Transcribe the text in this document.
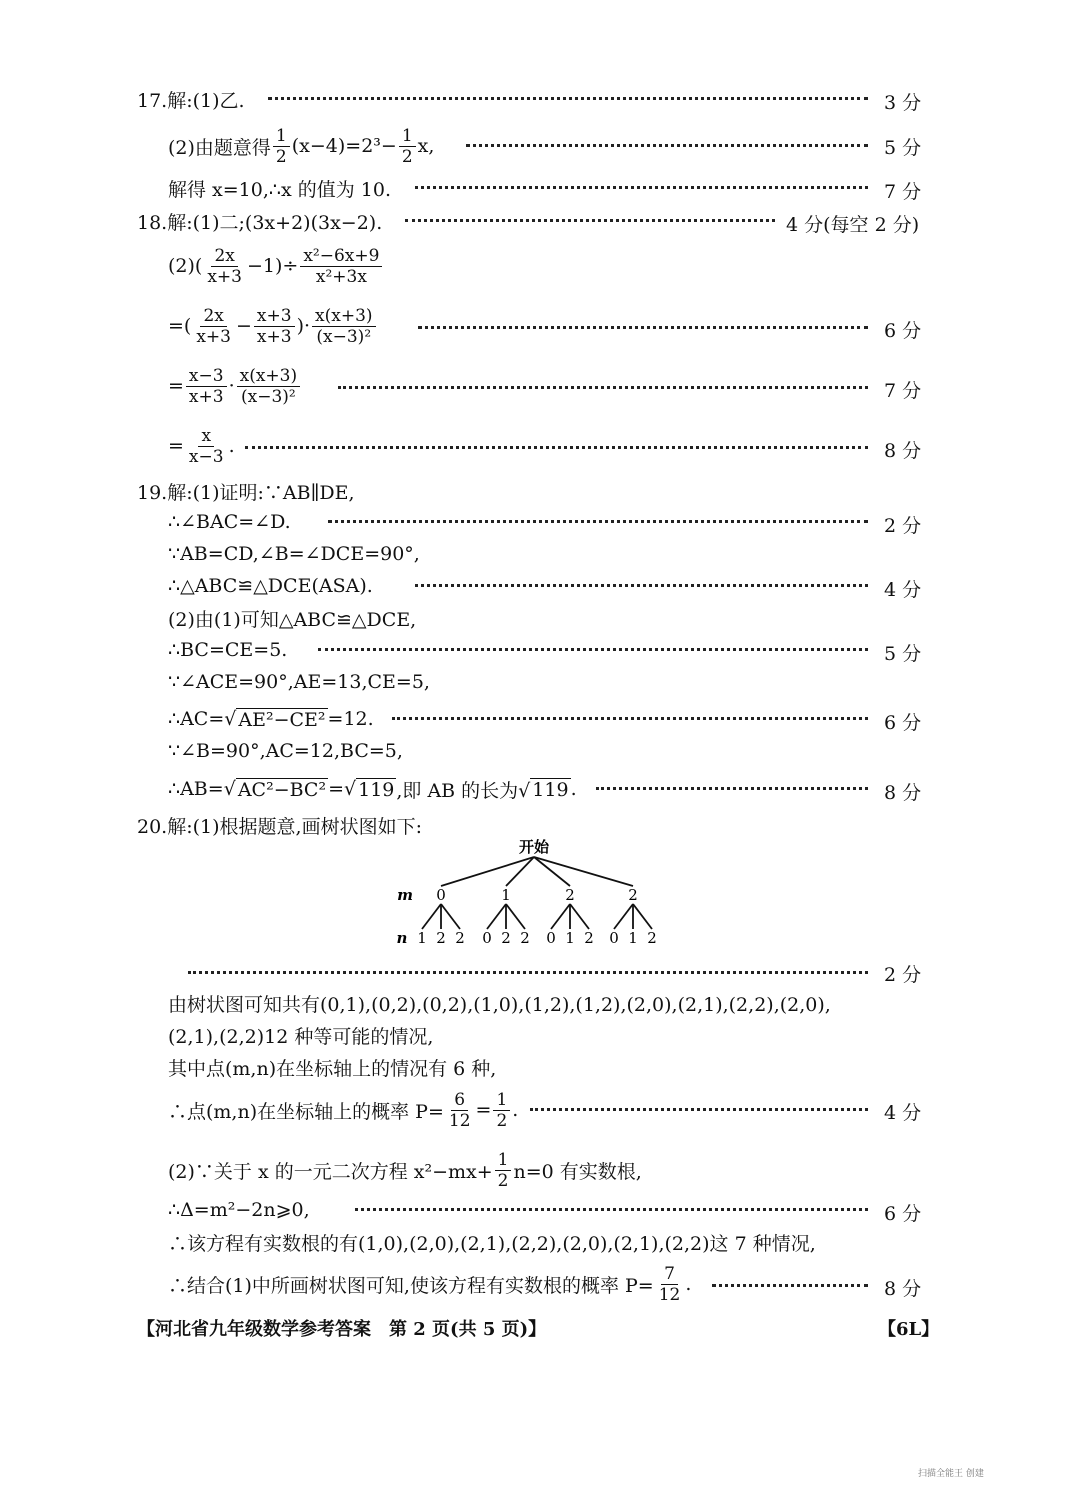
17.解:(1)乙.	3 分
(2)由题意得 $\frac{1}{2} (x-4)=2^3- \frac{1}{2} x$,	5 分
解得 x=10,∴x 的值为 10.	7 分
18.解:(1)二;(3x+2)(3x−2).	4 分(每空 2 分)
$(2)( \frac{2x}{x+3} -1)\div \frac{\text{x²−6x+9}}{\text{x²+3x}}$
=( $\frac{2x}{x+3} - \frac{x+3}{x+3}$ )· $\frac{x(x+3)}{\text{(x−3)²}}$	6 分
= $\frac{x-3}{x+3} \cdot \frac{x(x+3)}{\text{(x−3)²}}$	7 分
= $\frac{x}{x-3}$ .	8 分
19.解:(1)证明:∵AB∥DE,
∴∠BAC=∠D.	2 分
∵AB=CD,∠B=∠DCE=90°,
∴△ABC≌△DCE(ASA).	4 分
(2)由(1)可知△ABC≌△DCE,
∴BC=CE=5.	5 分
∵∠ACE=90°,AE=13,CE=5,
∴AC=√ AE²−CE² =12.	6 分
∵∠B=90°,AC=12,BC=5,
∴AB=√ AC²−BC² =√ 119 ,即 AB 的长为√ 119 .	8 分
20.解:(1)根据题意,画树状图如下:
开始
m
n
0
1 2 2
1
0 2 2
2
0 1 2
2
0 1 2
2 分
由树状图可知共有(0,1),(0,2),(0,2),(1,0),(1,2),(1,2),(2,0),(2,1),(2,2),(2,0),
(2,1),(2,2)12 种等可能的情况,
其中点(m,n)在坐标轴上的情况有 6 种,
∴点(m,n)在坐标轴上的概率 $P= \frac{6}{12} = \frac{1}{2}$ .	4 分
(2)∵关于 x 的一元二次方程 $x^2-mx+ \frac{1}{2} n=0$ 有实数根,
∴Δ=m²−2n⩾0,	6 分
∴该方程有实数根的有(1,0),(2,0),(2,1),(2,2),(2,0),(2,1),(2,2)这 7 种情况,
∴结合(1)中所画树状图可知,使该方程有实数根的概率 $P= \frac{7}{12}$ .	8 分
【河北省九年级数学参考答案　第 2 页(共 5 页)】	【6L】
扫描全能王 创建
